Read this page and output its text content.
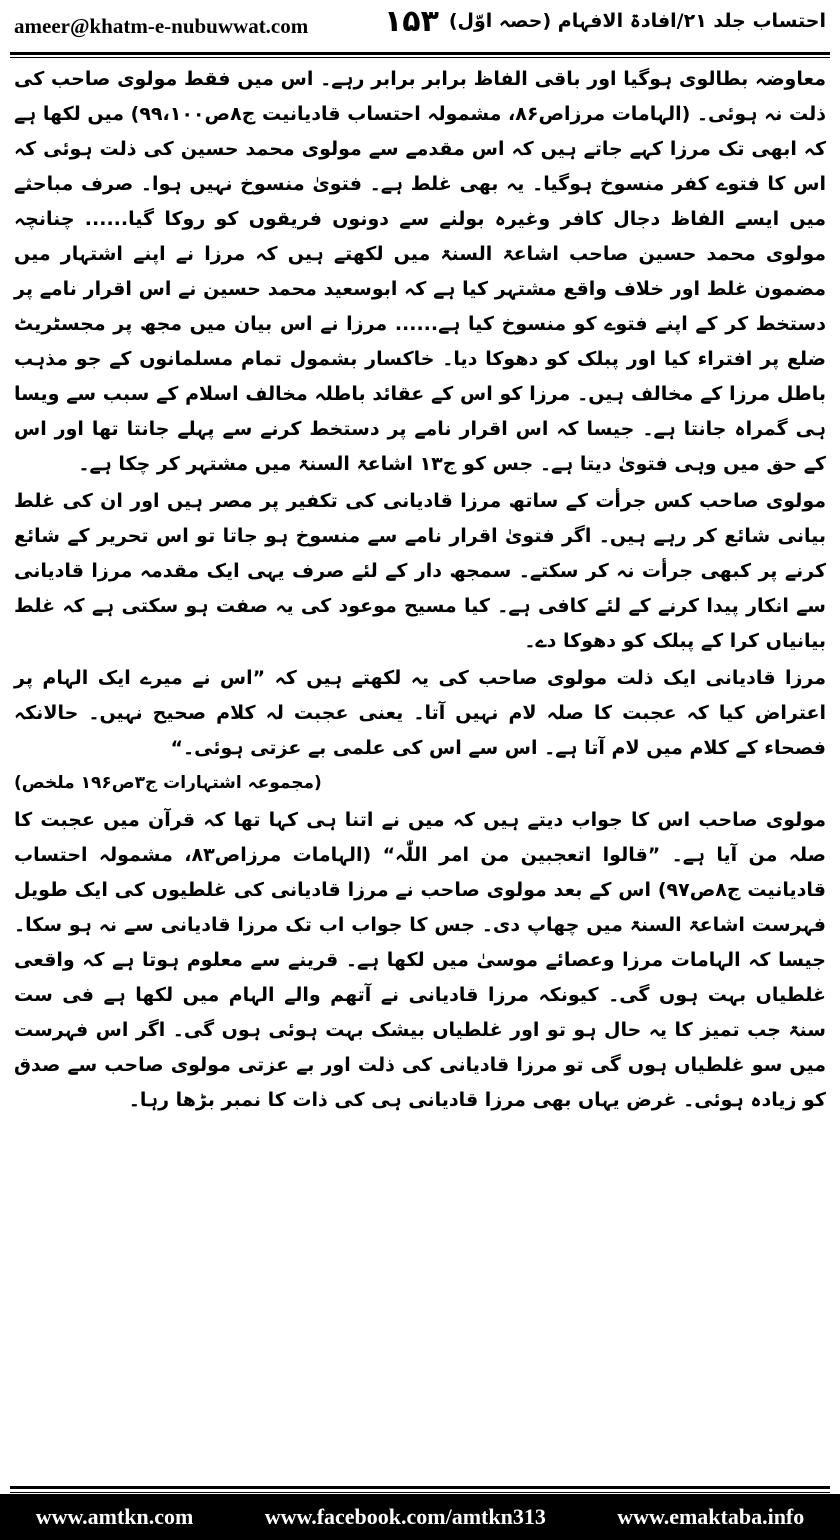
ameer@khatm-e-nubuwwat.com	۱۵۳ احتساب جلد ۲۱/افادۃ الافہام (حصہ اوّل)

معاوضہ بطالوی ہوگیا اور باقی الفاظ برابر برابر رہے۔ اس میں فقط مولوی صاحب کی ذلت نہ ہوئی۔ (الہامات مرزاص۸۶، مشمولہ احتساب قادیانیت ج۸ص۹۹،۱۰۰) میں لکھا ہے کہ ابھی تک مرزا کہے جاتے ہیں کہ اس مقدمے سے مولوی محمد حسین کی ذلت ہوئی کہ اس کا فتوے کفر منسوخ ہوگیا۔ یہ بھی غلط ہے۔ فتویٰ منسوخ نہیں ہوا۔ صرف مباحثے میں ایسے الفاظ دجال کافر وغیرہ بولنے سے دونوں فریقوں کو روکا گیا...... چنانچہ مولوی محمد حسین صاحب اشاعۃ السنۃ میں لکھتے ہیں کہ مرزا نے اپنے اشتہار میں مضمون غلط اور خلاف واقع مشتہر کیا ہے کہ ابوسعید محمد حسین نے اس اقرار نامے پر دستخط کر کے اپنے فتوے کو منسوخ کیا ہے...... مرزا نے اس بیان میں مجھ پر مجسٹریٹ ضلع پر افتراء کیا اور پبلک کو دھوکا دیا۔ خاکسار بشمول تمام مسلمانوں کے جو مذہب باطل مرزا کے مخالف ہیں۔ مرزا کو اس کے عقائد باطلہ مخالف اسلام کے سبب سے ویسا ہی گمراہ جانتا ہے۔ جیسا کہ اس اقرار نامے پر دستخط کرنے سے پہلے جانتا تھا اور اس کے حق میں وہی فتویٰ دیتا ہے۔ جس کو ج۱۳ اشاعۃ السنۃ میں مشتہر کر چکا ہے۔

مولوی صاحب کس جرأت کے ساتھ مرزا قادیانی کی تکفیر پر مصر ہیں اور ان کی غلط بیانی شائع کر رہے ہیں۔ اگر فتویٰ اقرار نامے سے منسوخ ہو جاتا تو اس تحریر کے شائع کرنے پر کبھی جرأت نہ کر سکتے۔ سمجھ دار کے لئے صرف یہی ایک مقدمہ مرزا قادیانی سے انکار پیدا کرنے کے لئے کافی ہے۔ کیا مسیح موعود کی یہ صفت ہو سکتی ہے کہ غلط بیانیاں کرا کے پبلک کو دھوکا دے۔

مرزا قادیانی ایک ذلت مولوی صاحب کی یہ لکھتے ہیں کہ ”اس نے میرے ایک الہام پر اعتراض کیا کہ عجبت کا صلہ لام نہیں آتا۔ یعنی عجبت لہ کلام صحیح نہیں۔ حالانکہ فصحاء کے کلام میں لام آتا ہے۔ اس سے اس کی علمی بے عزتی ہوئی۔“
(مجموعہ اشتہارات ج۳ص۱۹۶ ملخص)

مولوی صاحب اس کا جواب دیتے ہیں کہ میں نے اتنا ہی کہا تھا کہ قرآن میں عجبت کا صلہ من آیا ہے۔ ”قالوا اتعجبین من امر اللّٰہ“ (الہامات مرزاص۸۳، مشمولہ احتساب قادیانیت ج۸ص۹۷) اس کے بعد مولوی صاحب نے مرزا قادیانی کی غلطیوں کی ایک طویل فہرست اشاعۃ السنۃ میں چھاپ دی۔ جس کا جواب اب تک مرزا قادیانی سے نہ ہو سکا۔ جیسا کہ الہامات مرزا وعصائے موسیٰ میں لکھا ہے۔ قرینے سے معلوم ہوتا ہے کہ واقعی غلطیاں بہت ہوں گی۔ کیونکہ مرزا قادیانی نے آتھم والے الہام میں لکھا ہے فی ست سنۃ جب تمیز کا یہ حال ہو تو اور غلطیاں بیشک بہت ہوئی ہوں گی۔ اگر اس فہرست میں سو غلطیاں ہوں گی تو مرزا قادیانی کی ذلت اور بے عزتی مولوی صاحب سے صدق کو زیادہ ہوئی۔ غرض یہاں بھی مرزا قادیانی ہی کی ذات کا نمبر بڑھا رہا۔

www.amtkn.com	www.facebook.com/amtkn313	www.emaktaba.info
